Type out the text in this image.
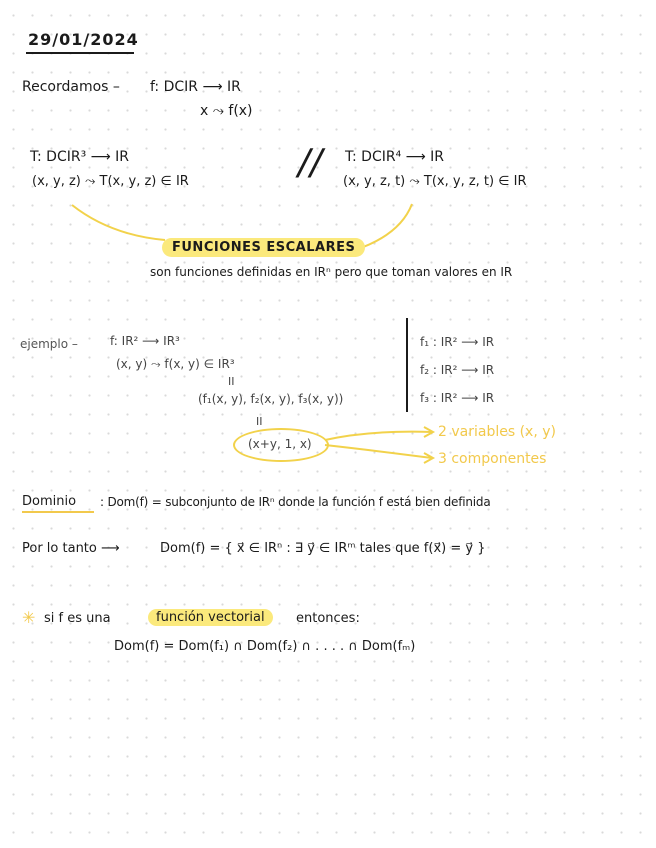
29/01/2024
Recordamos – f: DCIR ⟶ IR
x ⤳ f(x)
T: DCIR³ ⟶ IR
(x, y, z) ⤳ T(x, y, z) ∈ IR	// T: DCIR⁴ ⟶ IR
(x, y, z, t) ⤳ T(x, y, z, t) ∈ IR
FUNCIONES ESCALARES
son funciones definidas en IRⁿ pero que toman valores en IR
ejemplo –	f: IR² ⟶ IR³
(x, y) ⤳ f(x, y) ∈ IR³
II
(f₁(x, y), f₂(x, y), f₃(x, y))
II
(x+y, 1, x)
2 variables (x, y)
3 componentes
f₁ : IR² ⟶ IR
f₂ : IR² ⟶ IR
f₃ : IR² ⟶ IR
Dominio : Dom(f) = subconjunto de IRⁿ donde la función f está bien definida
Por lo tanto ⟶	Dom(f) = { x⃗ ∈ IRⁿ : ∃ y⃗ ∈ IRᵐ tales que f(x⃗) = y⃗ }
✳ si f es una	función vectorial	entonces:
Dom(f) = Dom(f₁) ∩ Dom(f₂) ∩ . . . . ∩ Dom(fₘ)
